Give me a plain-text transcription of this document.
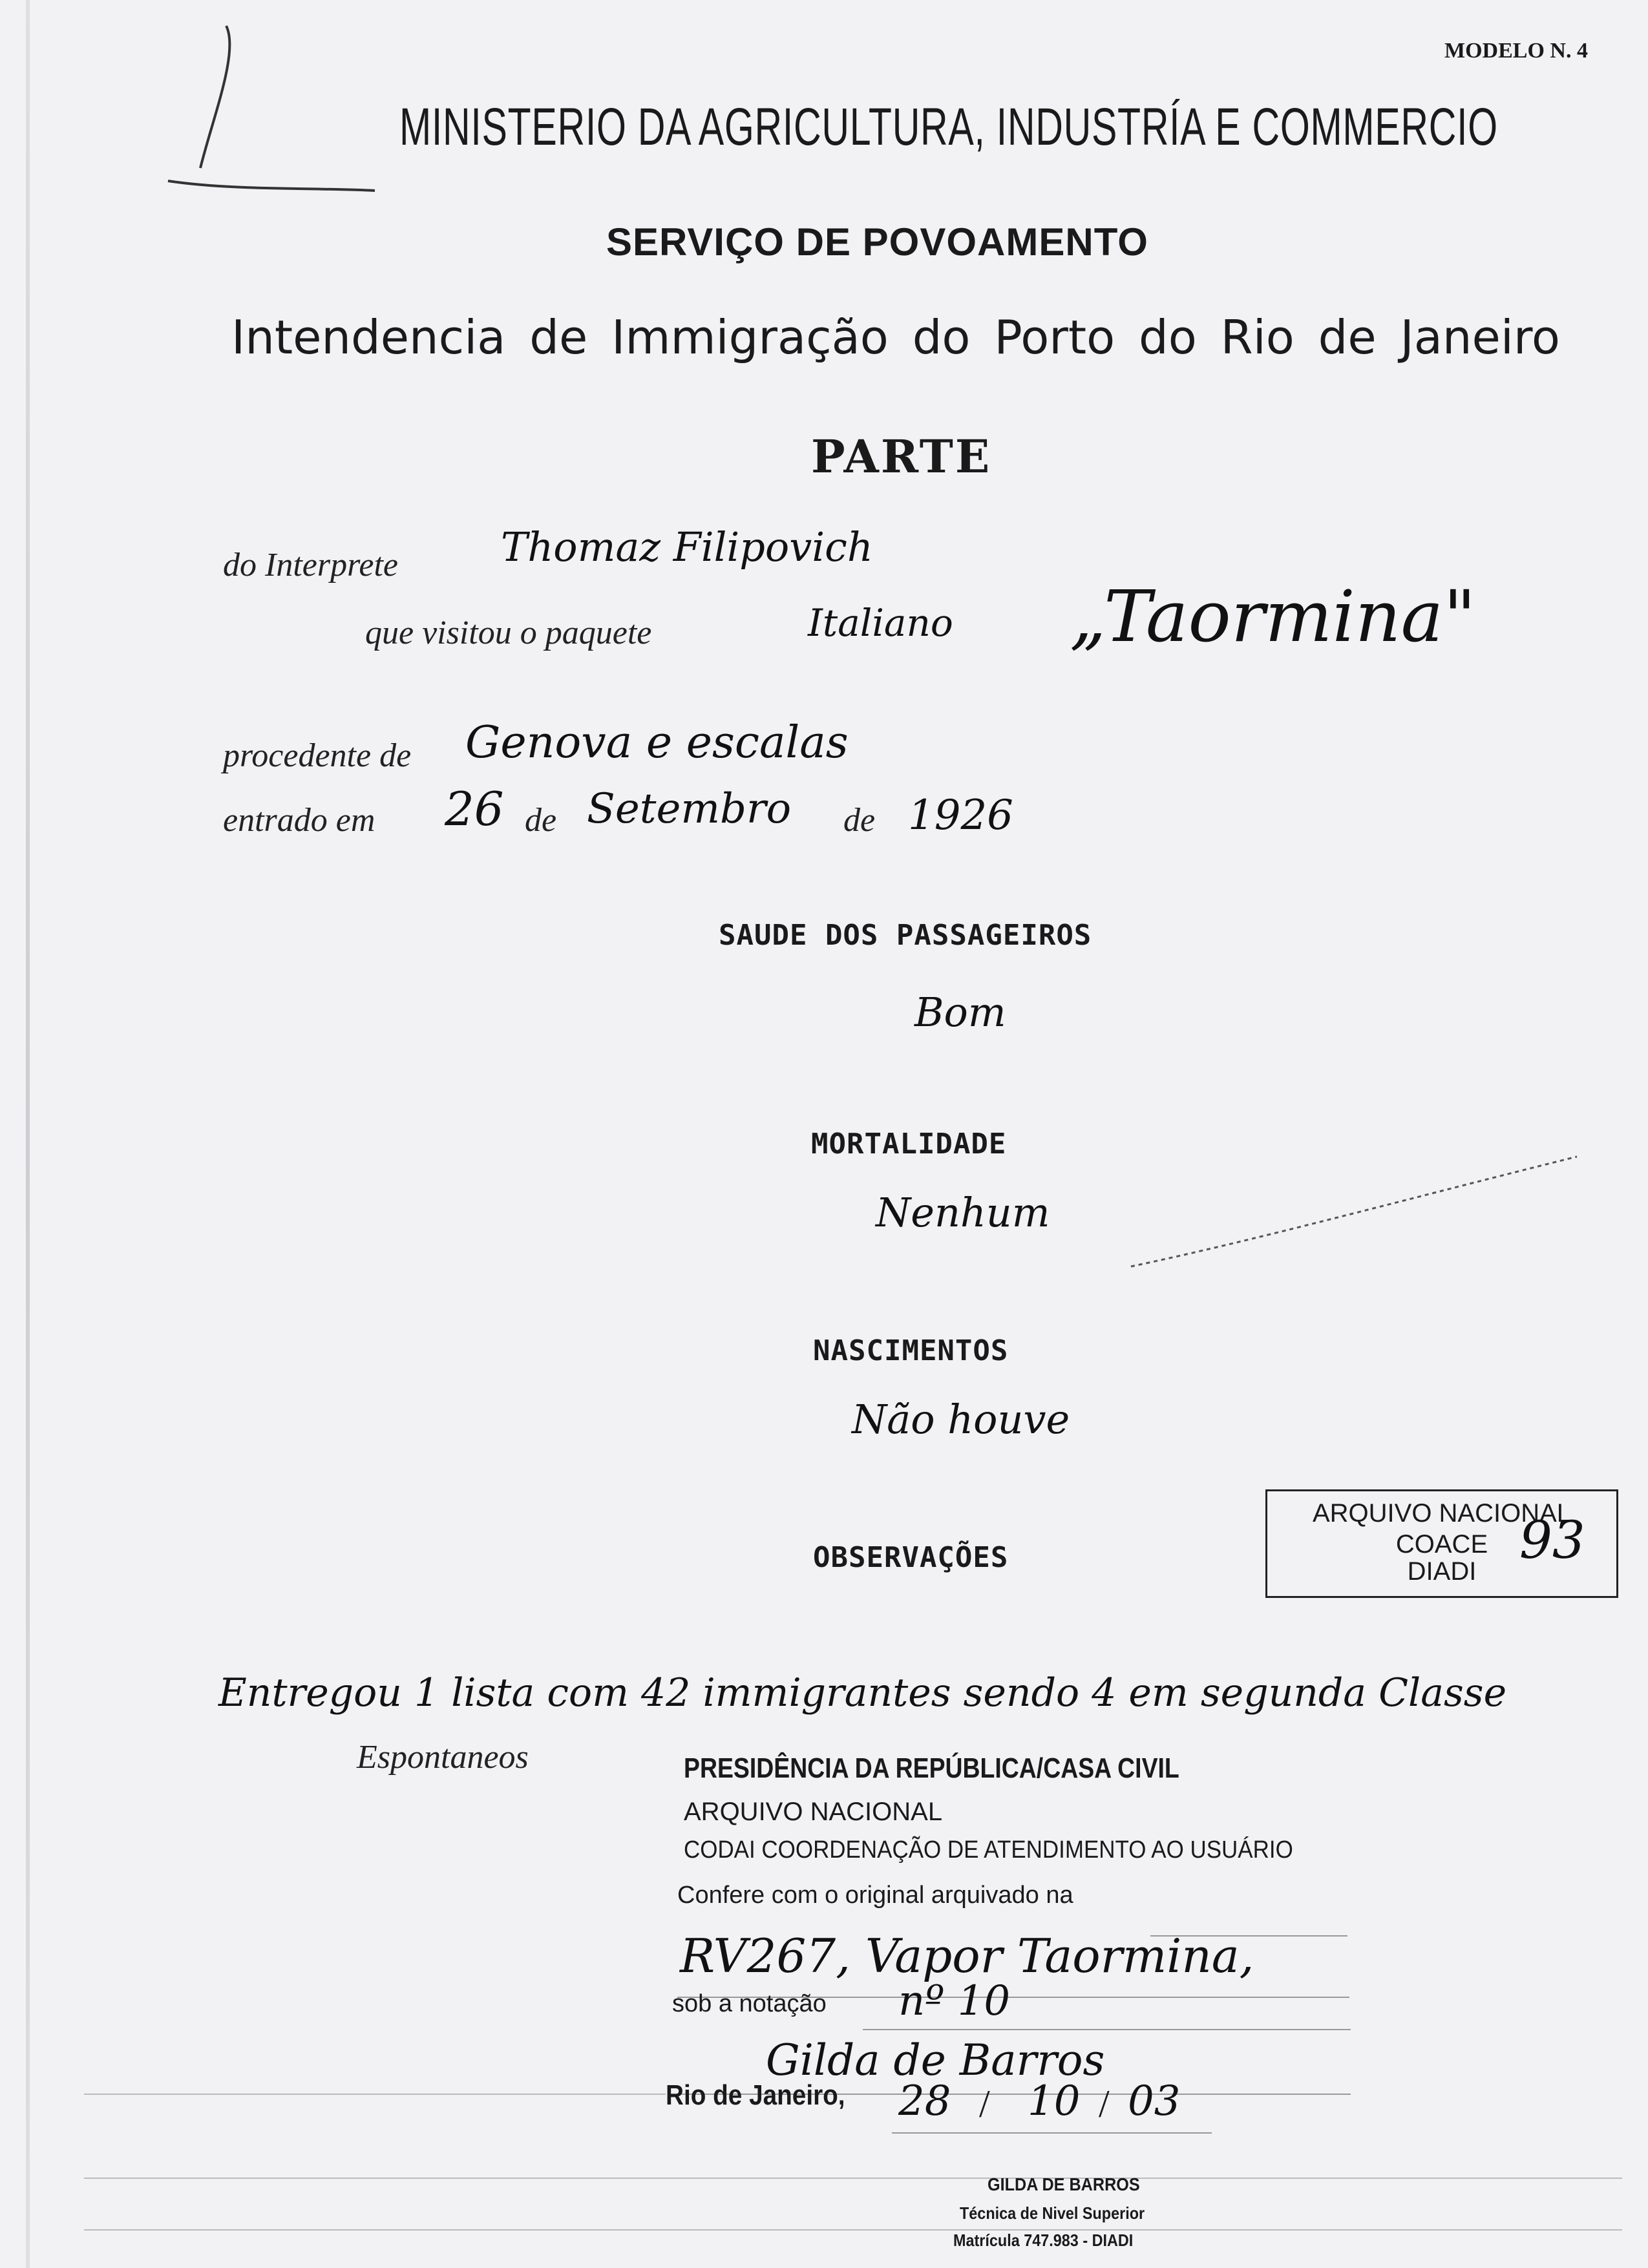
MODELO N. 4
MINISTERIO DA AGRICULTURA, INDUSTRÍA E COMMERCIO
SERVIÇO DE POVOAMENTO
Intendencia de Immigração do Porto do Rio de Janeiro
PARTE
do Interprete	Thomaz Filipovich
que visitou o paquete	Italiano „Taormina"
procedente de Genova e escalas
entrado em 26 de Setembro de 1926
SAUDE DOS PASSAGEIROS
Bom
MORTALIDADE
Nenhum
NASCIMENTOS
Não houve
OBSERVAÇÕES
ARQUIVO NACIONAL
COACE
DIADI
93
Entregou 1 lista com 42 immigrantes sendo 4 em segunda Classe
Espontaneos	PRESIDÊNCIA DA REPÚBLICA/CASA CIVIL
ARQUIVO NACIONAL
CODAI COORDENAÇÃO DE ATENDIMENTO AO USUÁRIO
Confere com o original arquivado na
RV267, Vapor Taormina,
sob a notação nº 10
Gilda de Barros
Rio de Janeiro, 28 / 10 / 03
GILDA DE BARROS
Técnica de Nivel Superior
Matrícula 747.983 - DIADI
